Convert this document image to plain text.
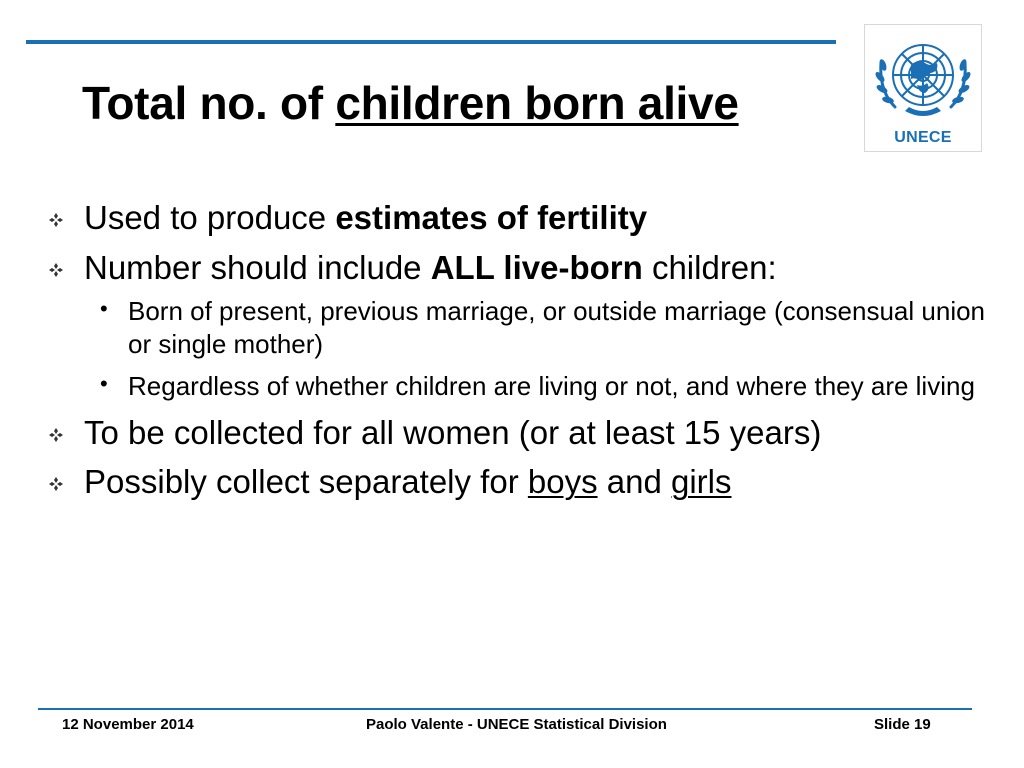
Total no. of children born alive
UNECE
Used to produce estimates of fertility
Number should include ALL live-born children:
• Born of present, previous marriage, or outside marriage (consensual union or single mother)
• Regardless of whether children are living or not, and where they are living
To be collected for all women (or at least 15 years)
Possibly collect separately for boys and girls
12 November 2014	Paolo Valente - UNECE Statistical Division	Slide 19
